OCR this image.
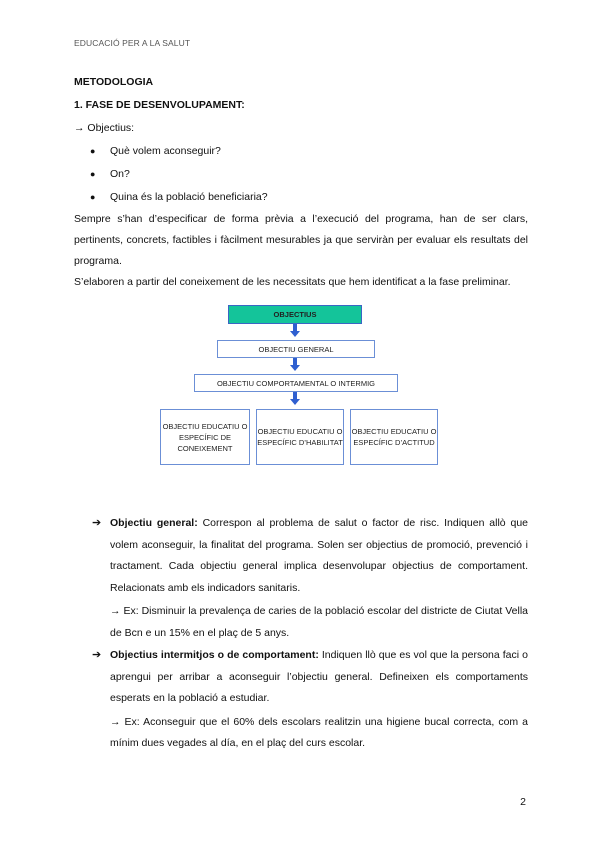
EDUCACIÓ PER A LA SALUT
METODOLOGIA
1. FASE DE DESENVOLUPAMENT:
→ Objectius:
● Què volem aconseguir?
● On?
● Quina és la població beneficiaria?

Sempre s’han d’especificar de forma prèvia a l’execució del programa, han de ser clars, pertinents, concrets, factibles i fàcilment mesurables ja que serviràn per evaluar els resultats del programa.

S’elaboren a partir del coneixement de les necessitats que hem identificat a la fase preliminar.

OBJECTIUS
OBJECTIU GENERAL
OBJECTIU COMPORTAMENTAL O INTERMIG
OBJECTIU EDUCATIU O ESPECÍFIC DE CONEIXEMENT
OBJECTIU EDUCATIU O ESPECÍFIC D’HABILITAT
OBJECTIU EDUCATIU O ESPECÍFIC D’ACTITUD
➔ Objectiu general: Correspon al problema de salut o factor de risc. Indiquen allò que volem aconseguir, la finalitat del programa. Solen ser objectius de promoció, prevenció i tractament. Cada objectiu general implica desenvolupar objectius de comportament. Relacionats amb els indicadors sanitaris.
→ Ex: Disminuir la prevalença de caries de la població escolar del districte de Ciutat Vella de Bcn e un 15% en el plaç de 5 anys.
➔ Objectius intermitjos o de comportament: Indiquen llò que es vol que la persona faci o aprengui per arribar a aconseguir l’objectiu general. Defineixen els comportaments esperats en la població a estudiar.
→ Ex: Aconseguir que el 60% dels escolars realitzin una higiene bucal correcta, com a mínim dues vegades al día, en el plaç del curs escolar.
2
